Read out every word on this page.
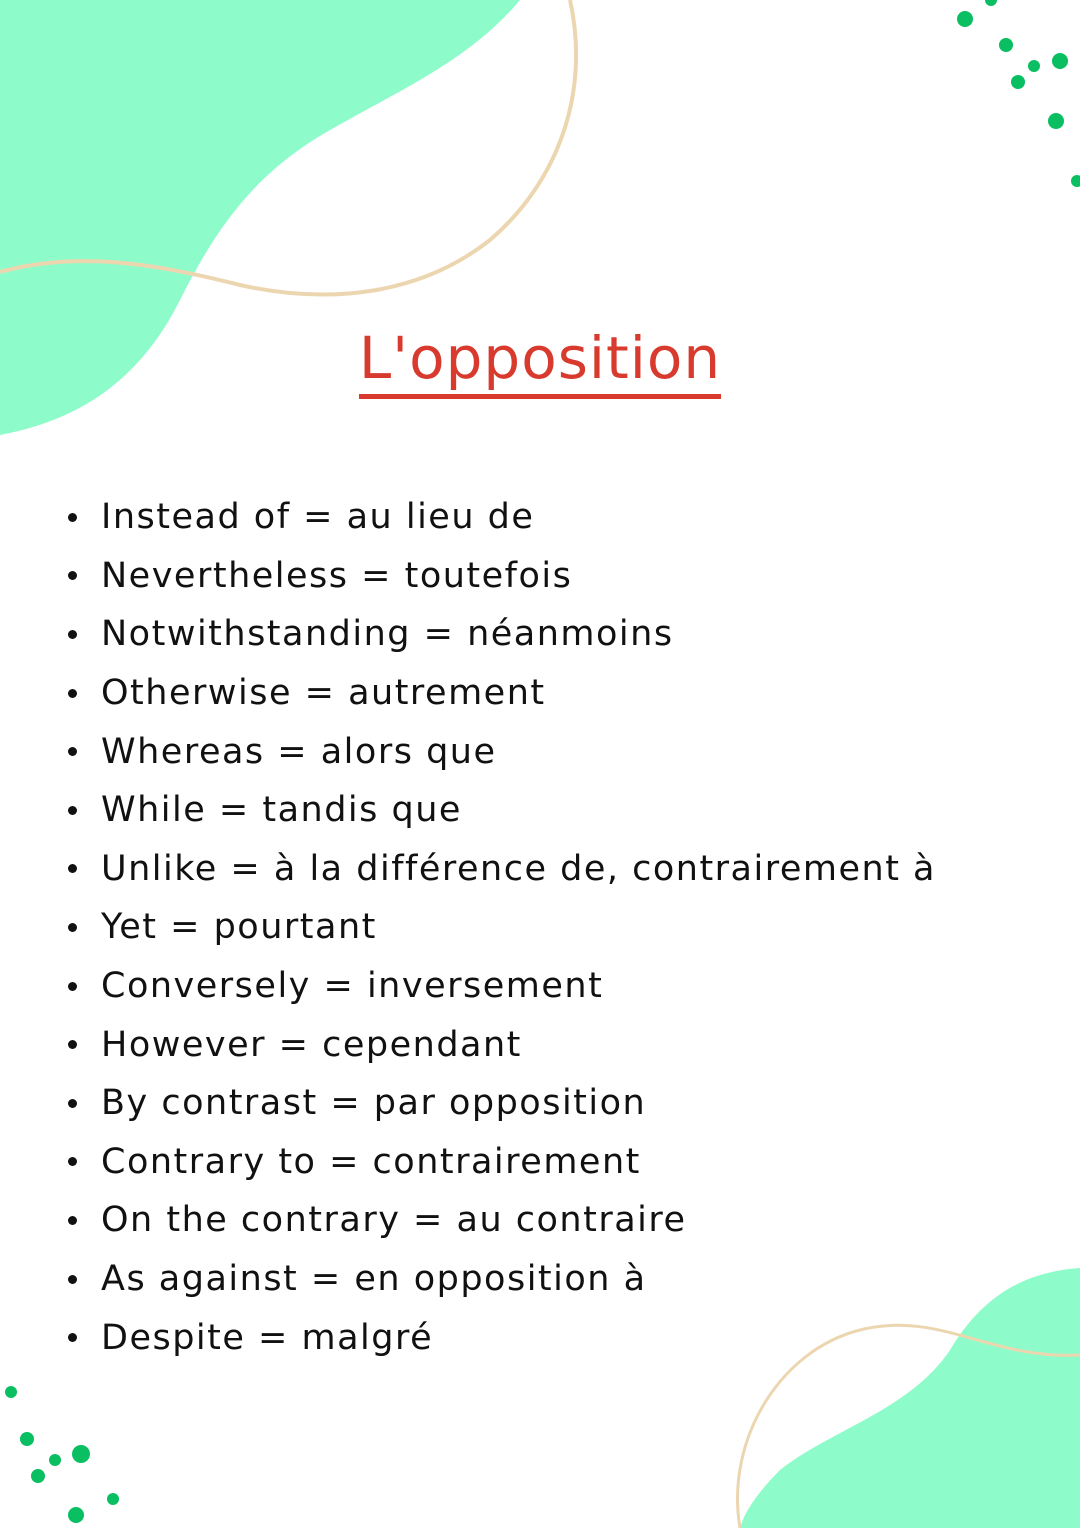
L'opposition
Instead of = au lieu de
Nevertheless = toutefois
Notwithstanding = néanmoins
Otherwise = autrement
Whereas = alors que
While = tandis que
Unlike = à la différence de, contrairement à
Yet = pourtant
Conversely = inversement
However = cependant
By contrast = par opposition
Contrary to = contrairement
On the contrary = au contraire
As against = en opposition à
Despite = malgré
